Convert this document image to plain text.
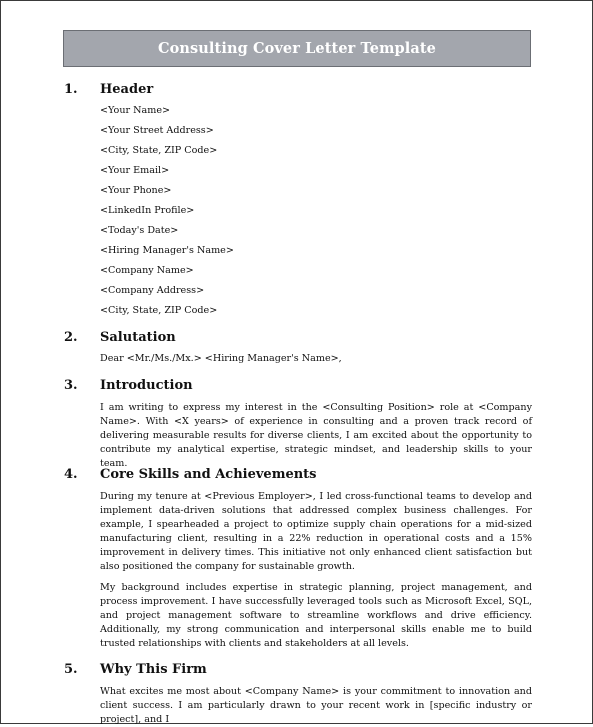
Consulting Cover Letter Template
1. Header
<Your Name>
<Your Street Address>
<City, State, ZIP Code>
<Your Email>
<Your Phone>
<LinkedIn Profile>
<Today's Date>
<Hiring Manager's Name>
<Company Name>
<Company Address>
<City, State, ZIP Code>
2. Salutation
Dear <Mr./Ms./Mx.> <Hiring Manager's Name>,
3. Introduction
I am writing to express my interest in the <Consulting Position> role at <Company Name>. With <X years> of experience in consulting and a proven track record of delivering measurable results for diverse clients, I am excited about the opportunity to contribute my analytical expertise, strategic mindset, and leadership skills to your team.
4. Core Skills and Achievements
During my tenure at <Previous Employer>, I led cross-functional teams to develop and implement data-driven solutions that addressed complex business challenges. For example, I spearheaded a project to optimize supply chain operations for a mid-sized manufacturing client, resulting in a 22% reduction in operational costs and a 15% improvement in delivery times. This initiative not only enhanced client satisfaction but also positioned the company for sustainable growth.
My background includes expertise in strategic planning, project management, and process improvement. I have successfully leveraged tools such as Microsoft Excel, SQL, and project management software to streamline workflows and drive efficiency. Additionally, my strong communication and interpersonal skills enable me to build trusted relationships with clients and stakeholders at all levels.
5. Why This Firm
What excites me most about <Company Name> is your commitment to innovation and client success. I am particularly drawn to your recent work in [specific industry or project], and I
